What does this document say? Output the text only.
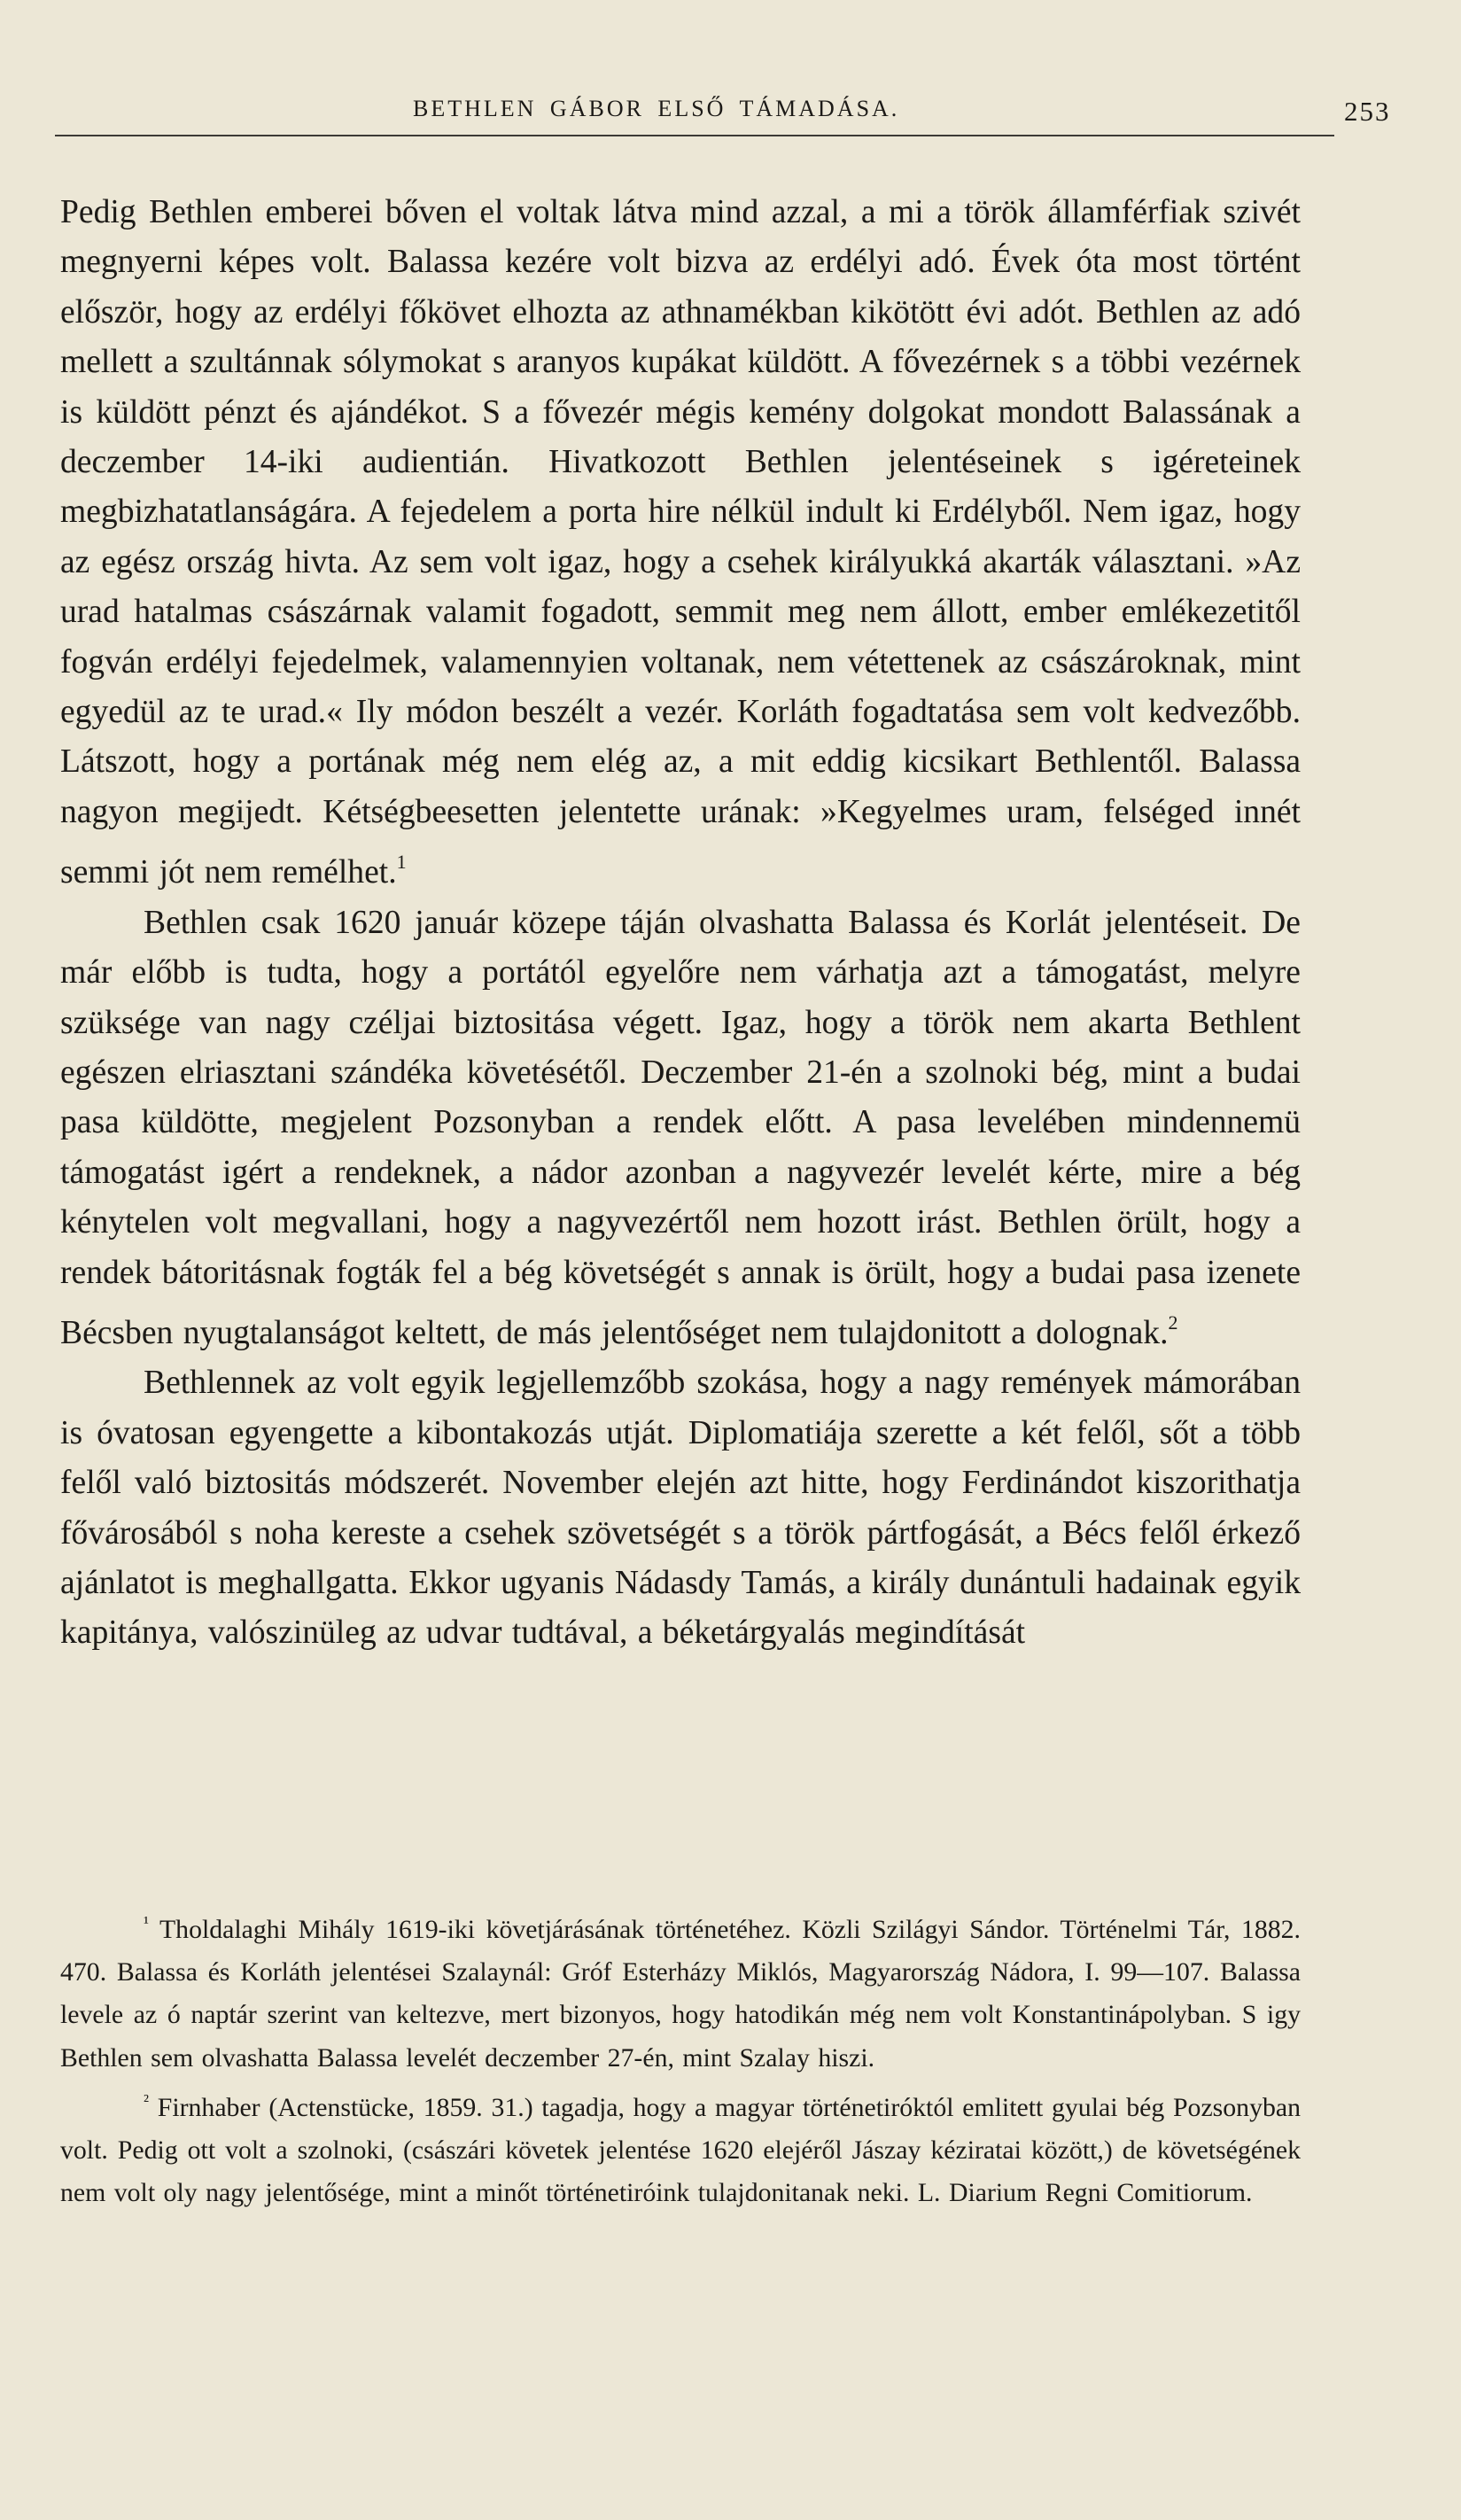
BETHLEN GÁBOR ELSŐ TÁMADÁSA.	253

Pedig Bethlen emberei bőven el voltak látva mind azzal, a mi a török államférfiak szivét megnyerni képes volt. Balassa kezére volt bizva az erdélyi adó. Évek óta most történt először, hogy az erdélyi főkövet elhozta az athnamékban kikötött évi adót. Bethlen az adó mellett a szultánnak sólymokat s aranyos kupákat küldött. A fővezérnek s a többi vezérnek is küldött pénzt és ajándékot. S a fővezér mégis kemény dolgokat mondott Balassának a deczember 14-iki audientián. Hivatkozott Bethlen jelentéseinek s igéreteinek megbizhatatlanságára. A fejedelem a porta hire nélkül indult ki Erdélyből. Nem igaz, hogy az egész ország hivta. Az sem volt igaz, hogy a csehek királyukká akarták választani. »Az urad hatalmas császárnak valamit fogadott, semmit meg nem állott, ember emlékezetitől fogván erdélyi fejedelmek, valamennyien voltanak, nem vétettenek az császároknak, mint egyedül az te urad.« Ily módon beszélt a vezér. Korláth fogadtatása sem volt kedvezőbb. Látszott, hogy a portának még nem elég az, a mit eddig kicsikart Bethlentől. Balassa nagyon megijedt. Kétségbeesetten jelentette urának: »Kegyelmes uram, felséged innét semmi jót nem remélhet.$^1$

Bethlen csak 1620 január közepe táján olvashatta Balassa és Korlát jelentéseit. De már előbb is tudta, hogy a portától egyelőre nem várhatja azt a támogatást, melyre szüksége van nagy czéljai biztositása végett. Igaz, hogy a török nem akarta Bethlent egészen elriasztani szándéka követésétől. Deczember 21-én a szolnoki bég, mint a budai pasa küldötte, megjelent Pozsonyban a rendek előtt. A pasa levelében mindennemü támogatást igért a rendeknek, a nádor azonban a nagyvezér levelét kérte, mire a bég kénytelen volt megvallani, hogy a nagyvezértől nem hozott irást. Bethlen örült, hogy a rendek bátoritásnak fogták fel a bég követségét s annak is örült, hogy a budai pasa izenete Bécsben nyugtalanságot keltett, de más jelentőséget nem tulajdonitott a dolognak.$^2$

Bethlennek az volt egyik legjellemzőbb szokása, hogy a nagy remények mámorában is óvatosan egyengette a kibontakozás utját. Diplomatiája szerette a két felől, sőt a több felől való biztositás módszerét. November elején azt hitte, hogy Ferdinándot kiszorithatja fővárosából s noha kereste a csehek szövetségét s a török pártfogását, a Bécs felől érkező ajánlatot is meghallgatta. Ekkor ugyanis Nádasdy Tamás, a király dunántuli hadainak egyik kapitánya, valószinüleg az udvar tudtával, a béketárgyalás megindítását

$^{^1}$ Tholdalaghi Mihály 1619-iki követjárásának történetéhez. Közli Szilágyi Sándor. Történelmi Tár, 1882. 470. Balassa és Korláth jelentései Szalaynál: Gróf Esterházy Miklós, Magyarország Nádora, I. 99—107. Balassa levele az ó naptár szerint van keltezve, mert bizonyos, hogy hatodikán még nem volt Konstantinápolyban. S igy Bethlen sem olvashatta Balassa levelét deczember 27-én, mint Szalay hiszi.

$^{^2}$ Firnhaber (Actenstücke, 1859. 31.) tagadja, hogy a magyar történetiróktól emlitett gyulai bég Pozsonyban volt. Pedig ott volt a szolnoki, (császári követek jelentése 1620 elejéről Jászay kéziratai között,) de követségének nem volt oly nagy jelentősége, mint a minőt történetiróink tulajdonitanak neki. L. Diarium Regni Comitiorum.
